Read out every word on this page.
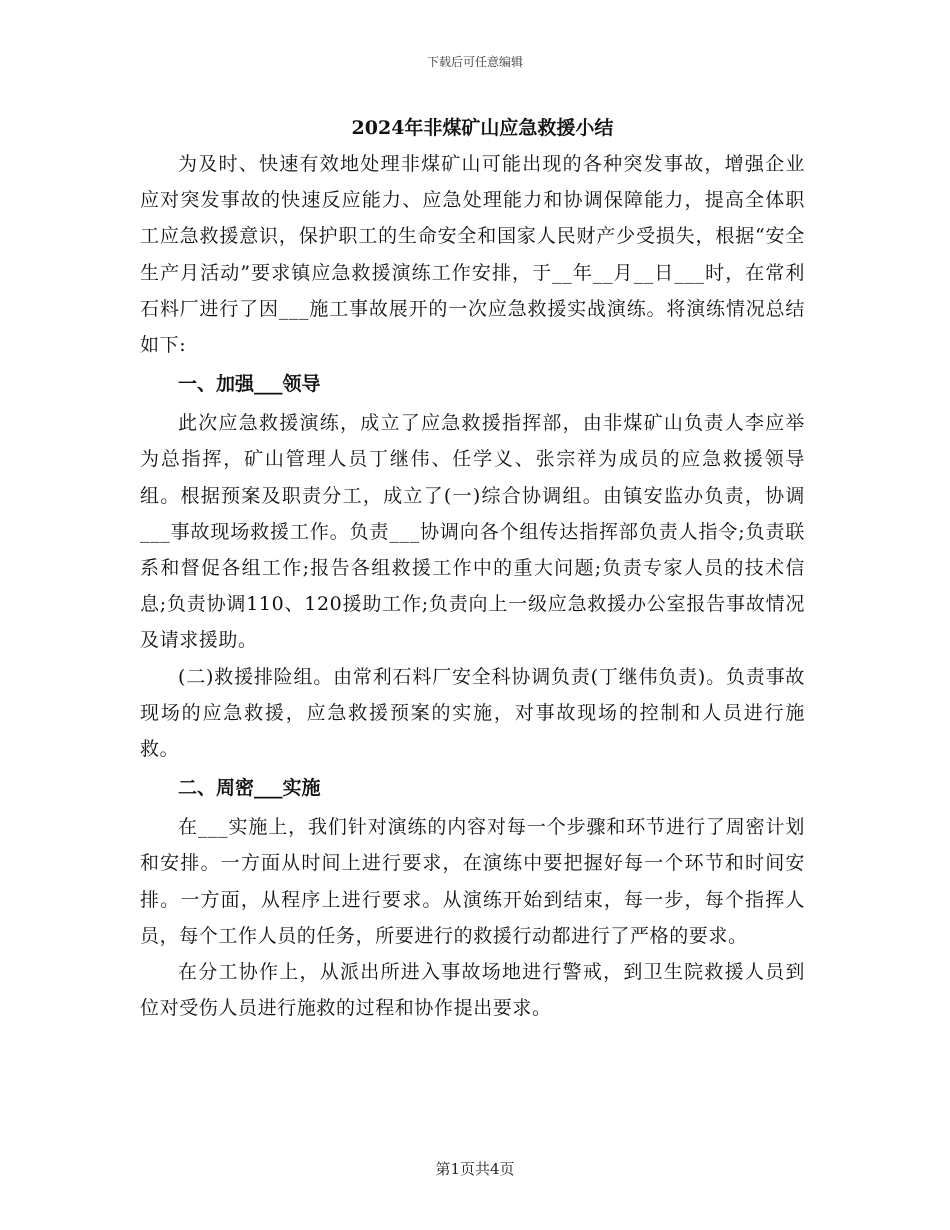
下载后可任意编辑

2024年非煤矿山应急救援小结

为及时、快速有效地处理非煤矿山可能出现的各种突发事故，增强企业应对突发事故的快速反应能力、应急处理能力和协调保障能力，提高全体职工应急救援意识，保护职工的生命安全和国家人民财产少受损失，根据“安全生产月活动”要求镇应急救援演练工作安排，于__年__月__日___时，在常利石料厂进行了因___施工事故展开的一次应急救援实战演练。将演练情况总结如下:

一、加强___领导

此次应急救援演练，成立了应急救援指挥部，由非煤矿山负责人李应举为总指挥，矿山管理人员丁继伟、任学义、张宗祥为成员的应急救援领导组。根据预案及职责分工，成立了(一)综合协调组。由镇安监办负责，协调___事故现场救援工作。负责___协调向各个组传达指挥部负责人指令;负责联系和督促各组工作;报告各组救援工作中的重大问题;负责专家人员的技术信息;负责协调110、120援助工作;负责向上一级应急救援办公室报告事故情况及请求援助。

(二)救援排险组。由常利石料厂安全科协调负责(丁继伟负责)。负责事故现场的应急救援，应急救援预案的实施，对事故现场的控制和人员进行施救。

二、周密___实施

在___实施上，我们针对演练的内容对每一个步骤和环节进行了周密计划和安排。一方面从时间上进行要求，在演练中要把握好每一个环节和时间安排。一方面，从程序上进行要求。从演练开始到结束，每一步，每个指挥人员，每个工作人员的任务，所要进行的救援行动都进行了严格的要求。

在分工协作上，从派出所进入事故场地进行警戒，到卫生院救援人员到位对受伤人员进行施救的过程和协作提出要求。

第1页共4页
